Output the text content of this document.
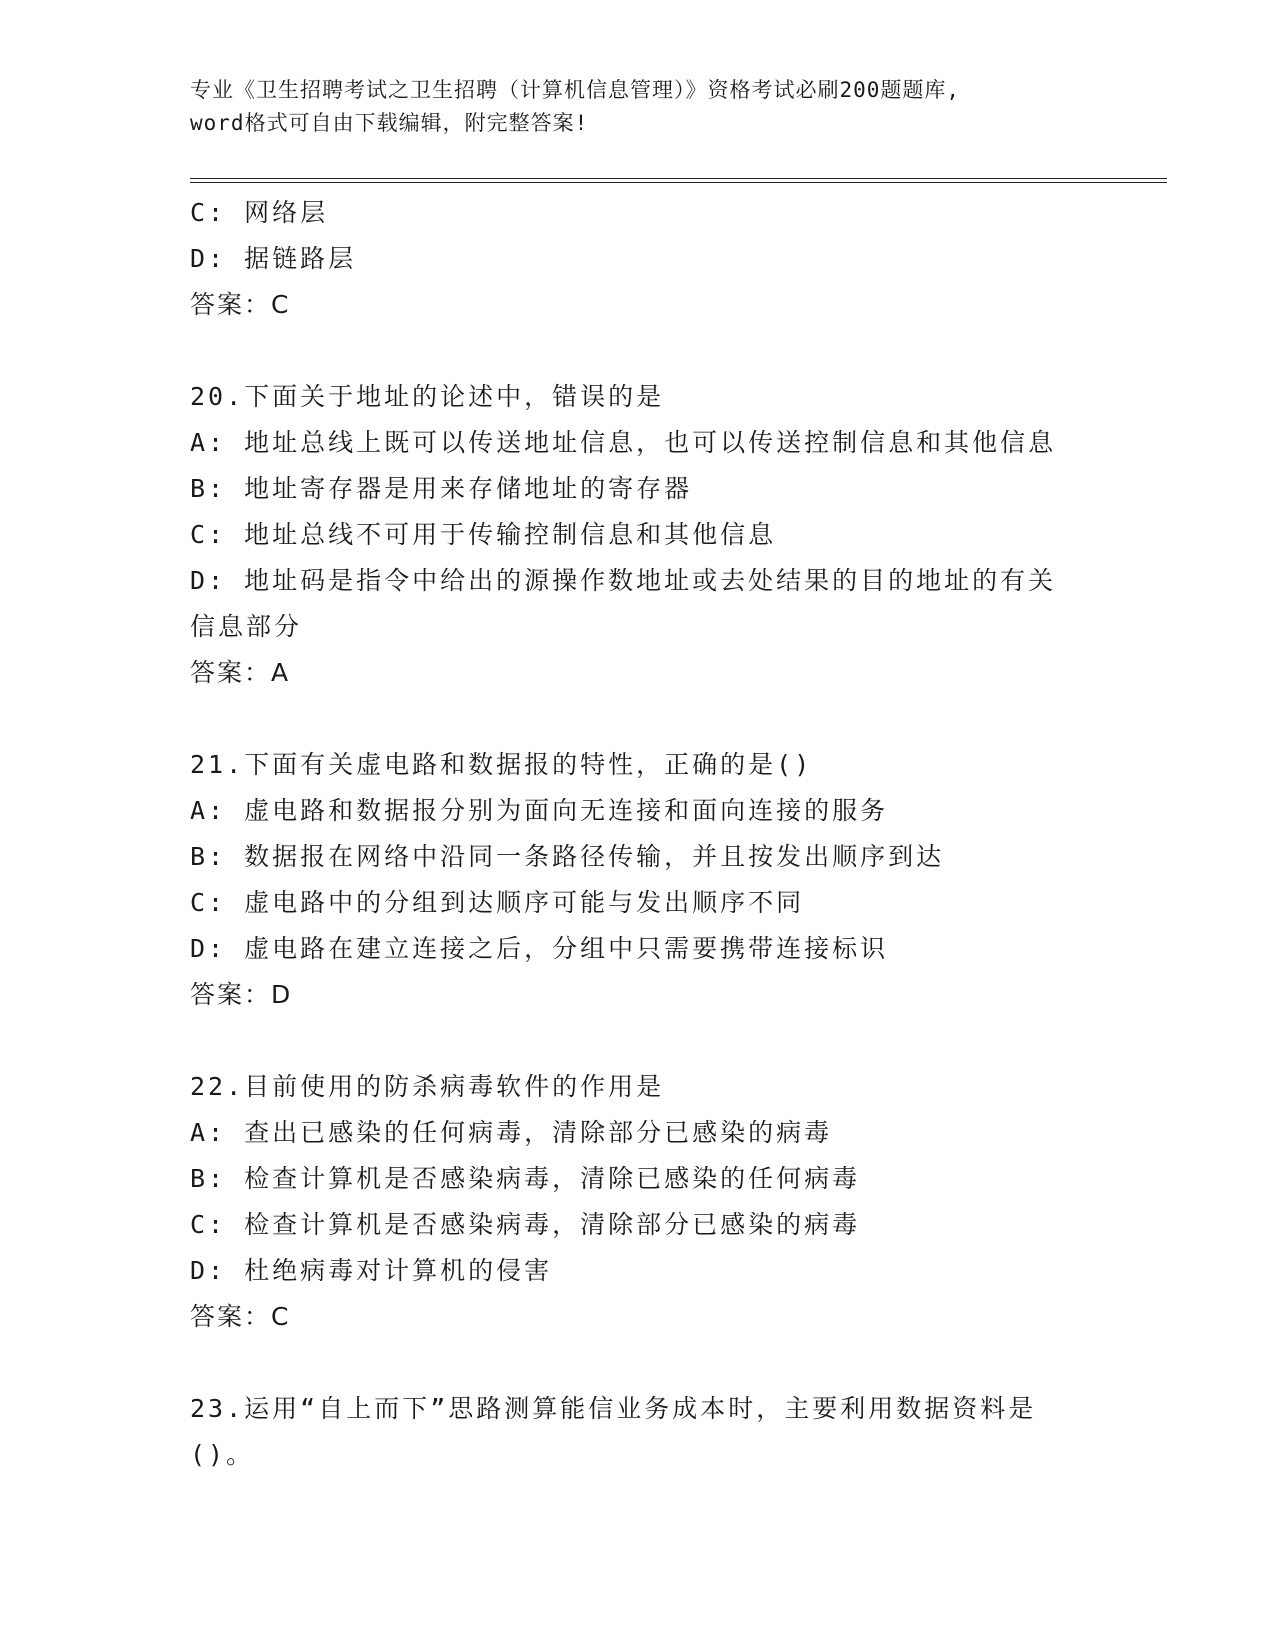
专业《卫生招聘考试之卫生招聘（计算机信息管理）》资格考试必刷200题题库,
word格式可自由下载编辑，附完整答案!

C: 网络层

D: 据链路层

答案：C

20.下面关于地址的论述中，错误的是

A: 地址总线上既可以传送地址信息，也可以传送控制信息和其他信息

B: 地址寄存器是用来存储地址的寄存器

C: 地址总线不可用于传输控制信息和其他信息

D: 地址码是指令中给出的源操作数地址或去处结果的目的地址的有关

信息部分

答案：A

21.下面有关虚电路和数据报的特性，正确的是()

A: 虚电路和数据报分别为面向无连接和面向连接的服务

B: 数据报在网络中沿同一条路径传输，并且按发出顺序到达

C: 虚电路中的分组到达顺序可能与发出顺序不同

D: 虚电路在建立连接之后，分组中只需要携带连接标识

答案：D

22.目前使用的防杀病毒软件的作用是

A: 查出已感染的任何病毒，清除部分已感染的病毒

B: 检查计算机是否感染病毒，清除已感染的任何病毒

C: 检查计算机是否感染病毒，清除部分已感染的病毒

D: 杜绝病毒对计算机的侵害

答案：C

23.运用“自上而下”思路测算能信业务成本时，主要利用数据资料是

()。
